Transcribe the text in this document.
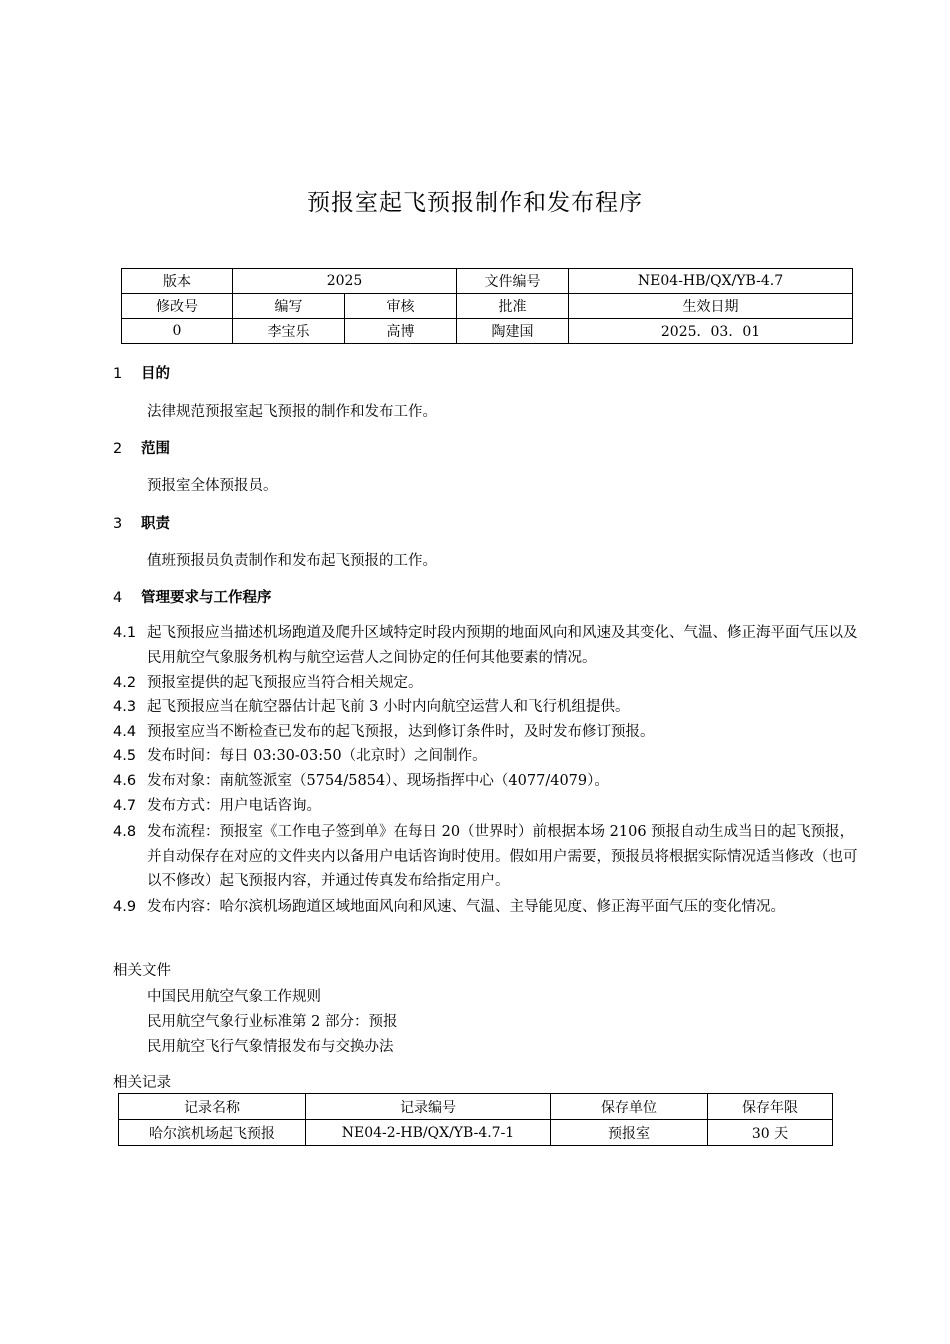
预报室起飞预报制作和发布程序
版本	2025		文件编号	NE04-HB/QX/YB-4.7
修改号	编写	审核	批准	生效日期
0	李宝乐	高博	陶建国	2025．03．01
1 目的
法律规范预报室起飞预报的制作和发布工作。
2 范围
预报室全体预报员。
3 职责
值班预报员负责制作和发布起飞预报的工作。
4 管理要求与工作程序
4.1 起飞预报应当描述机场跑道及爬升区域特定时段内预期的地面风向和风速及其变化、气温、修正海平面气压以及民用航空气象服务机构与航空运营人之间协定的任何其他要素的情况。
4.2 预报室提供的起飞预报应当符合相关规定。
4.3 起飞预报应当在航空器估计起飞前 3 小时内向航空运营人和飞行机组提供。
4.4 预报室应当不断检查已发布的起飞预报，达到修订条件时，及时发布修订预报。
4.5 发布时间：每日 03:30-03:50（北京时）之间制作。
4.6 发布对象：南航签派室（5754/5854）、现场指挥中心（4077/4079）。
4.7 发布方式：用户电话咨询。
4.8 发布流程：预报室《工作电子签到单》在每日 20（世界时）前根据本场 2106 预报自动生成当日的起飞预报，并自动保存在对应的文件夹内以备用户电话咨询时使用。假如用户需要，预报员将根据实际情况适当修改（也可以不修改）起飞预报内容，并通过传真发布给指定用户。
4.9 发布内容：哈尔滨机场跑道区域地面风向和风速、气温、主导能见度、修正海平面气压的变化情况。
相关文件
中国民用航空气象工作规则
民用航空气象行业标准第 2 部分：预报
民用航空飞行气象情报发布与交换办法
相关记录
记录名称	记录编号	保存单位	保存年限
哈尔滨机场起飞预报	NE04-2-HB/QX/YB-4.7-1	预报室	30 天
